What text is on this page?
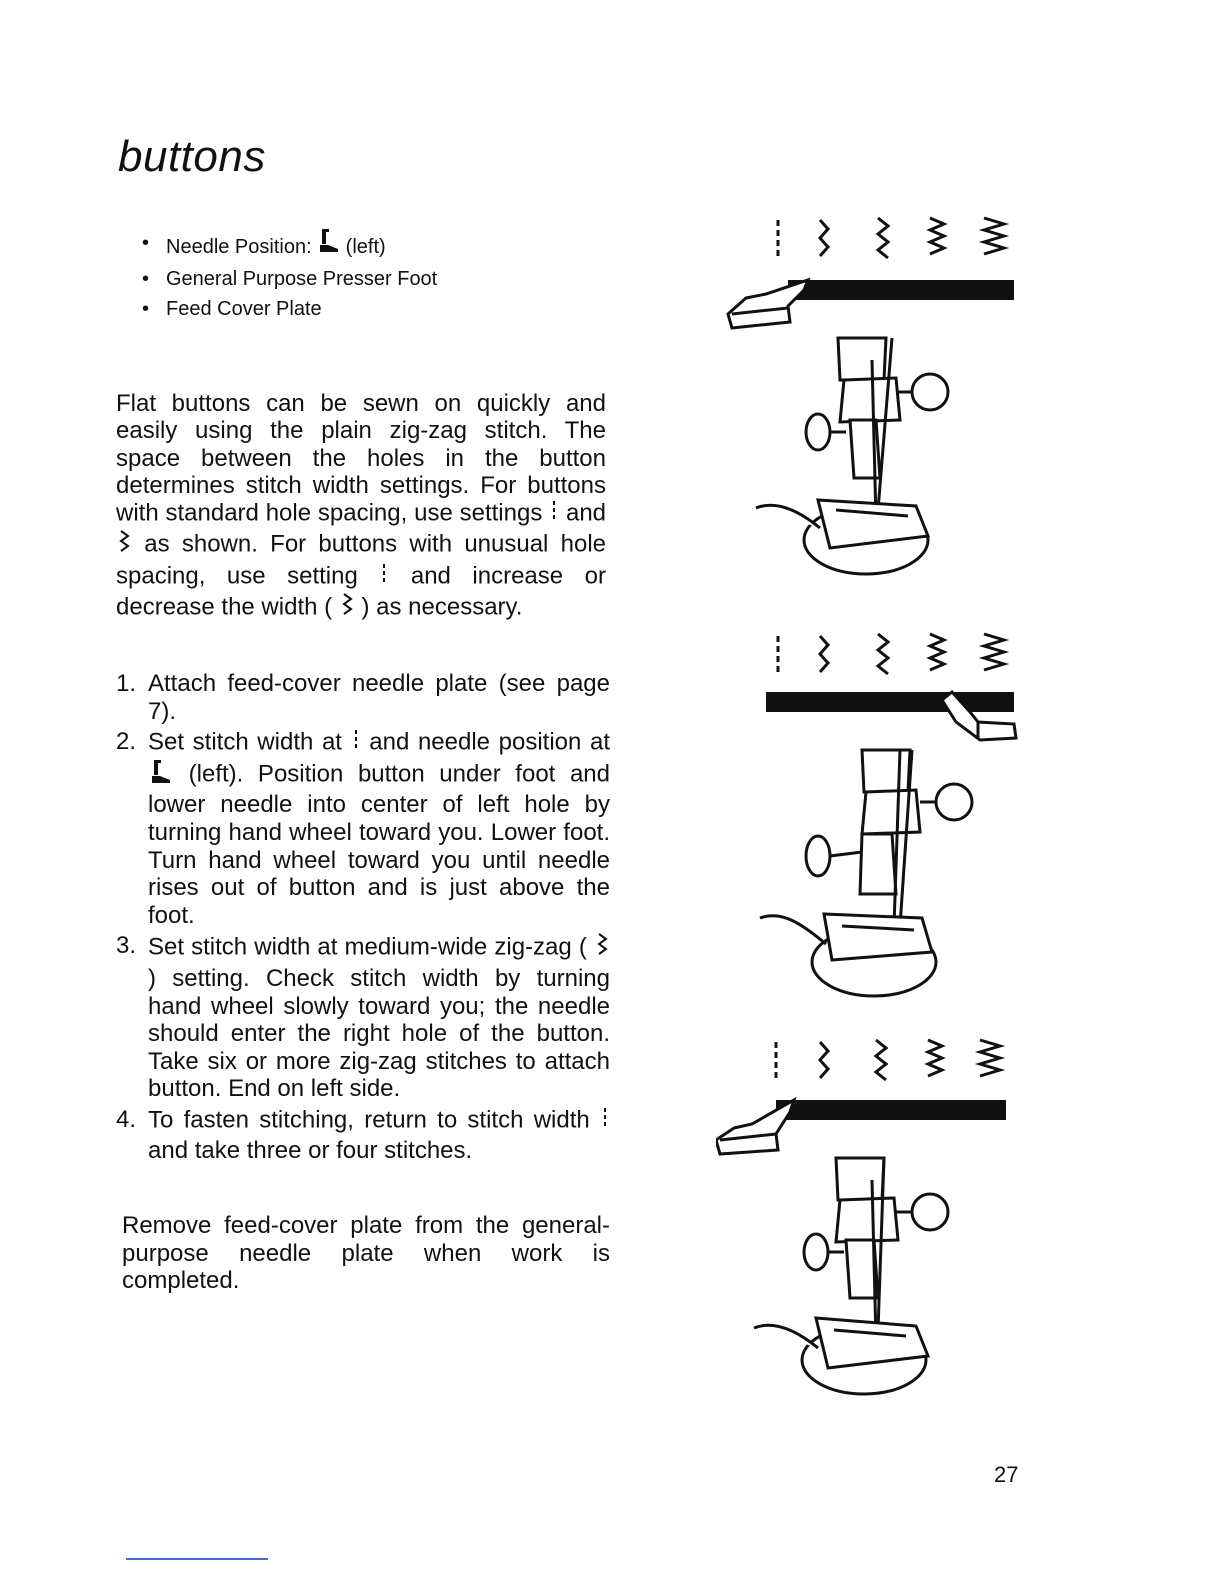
buttons
• Needle Position: (left)
• General Purpose Presser Foot
• Feed Cover Plate

Flat buttons can be sewn on quickly and easily using the plain zig-zag stitch. The space between the holes in the button determines stitch width settings. For buttons with standard hole spacing, use settings and  as shown. For buttons with unusual hole spacing, use setting and increase or decrease the width ( ) as necessary.

1. Attach feed-cover needle plate (see page 7).
2. Set stitch width at and needle position at  (left). Position button under foot and lower needle into center of left hole by turning hand wheel toward you. Lower foot. Turn hand wheel toward you until needle rises out of button and is just above the foot.
3. Set stitch width at medium-wide zig-zag (  ) setting. Check stitch width by turning hand wheel slowly toward you; the needle should enter the right hole of the button. Take six or more zig-zag stitches to attach button. End on left side.
4. To fasten stitching, return to stitch width  and take three or four stitches.

Remove feed-cover plate from the general-purpose needle plate when work is completed.

27
